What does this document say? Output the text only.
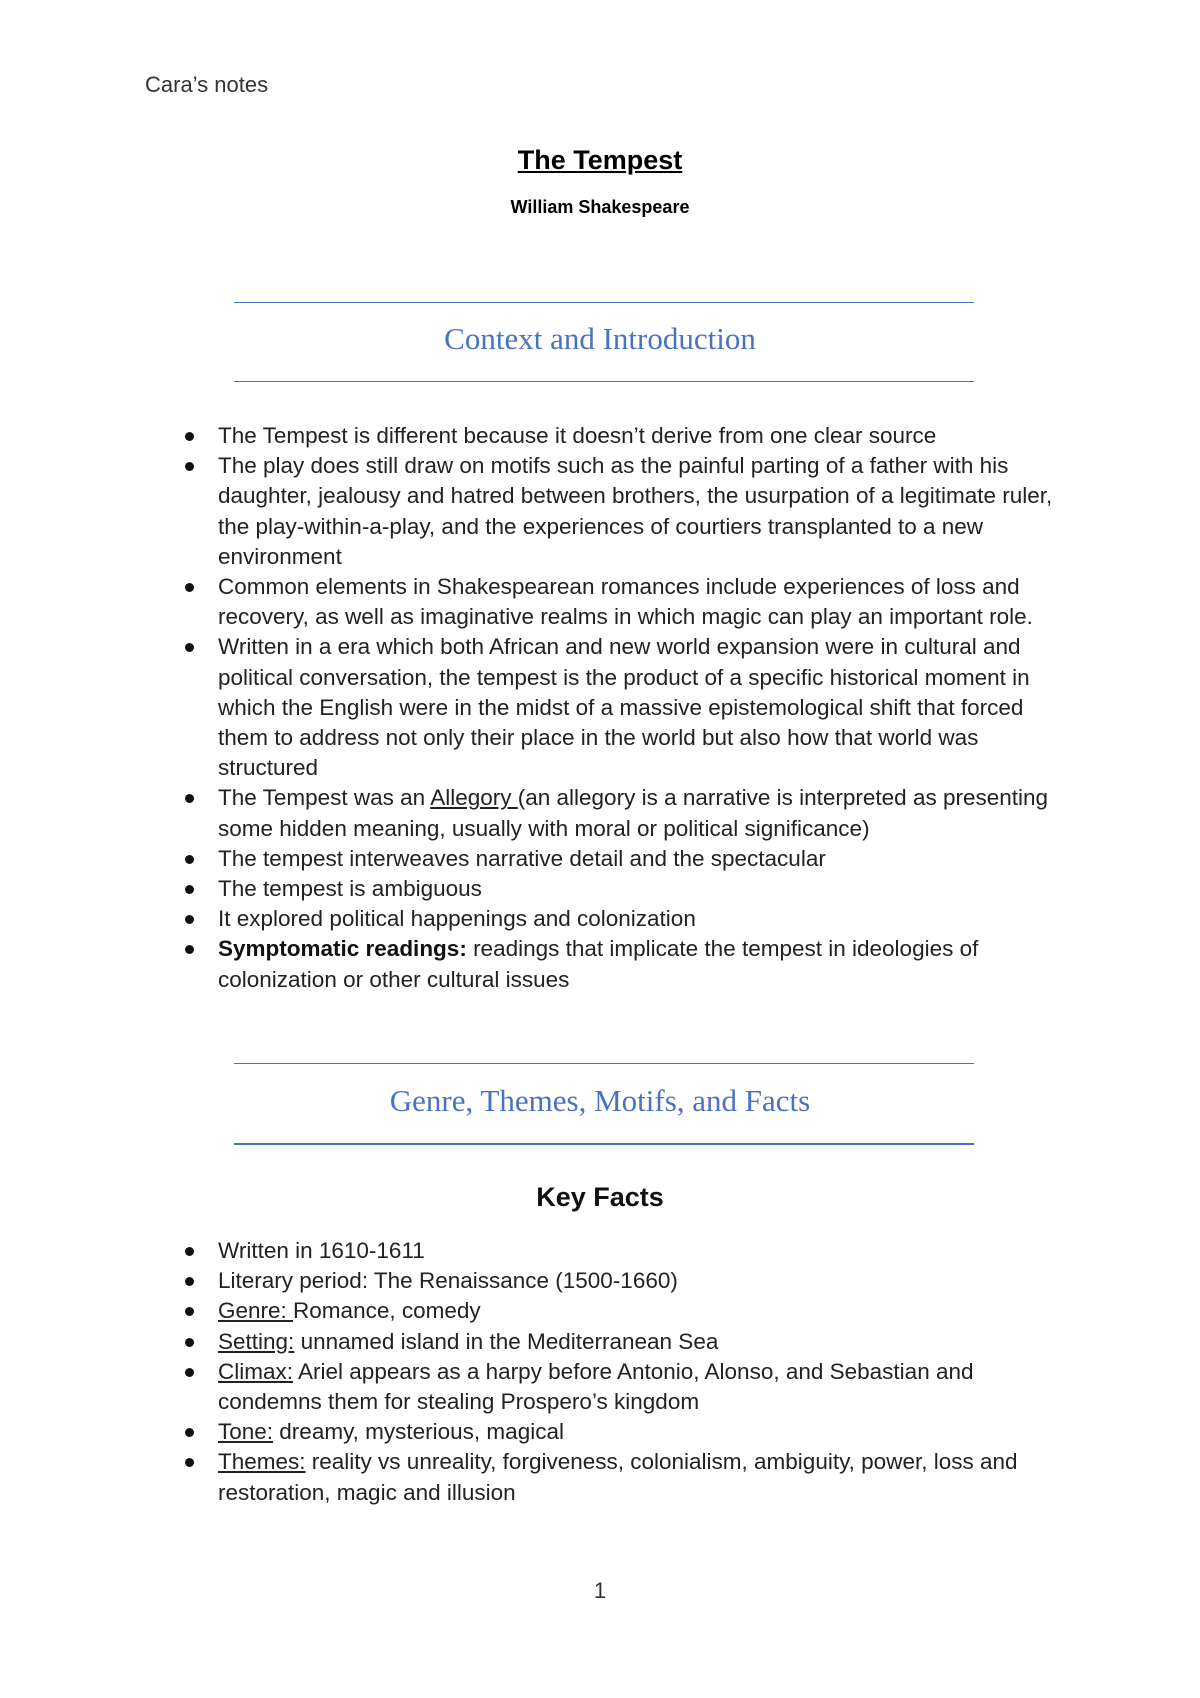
Cara’s notes
The Tempest
William Shakespeare
Context and Introduction
The Tempest is different because it doesn’t derive from one clear source
The play does still draw on motifs such as the painful parting of a father with his daughter, jealousy and hatred between brothers, the usurpation of a legitimate ruler, the play-within-a-play, and the experiences of courtiers transplanted to a new environment
Common elements in Shakespearean romances include experiences of loss and recovery, as well as imaginative realms in which magic can play an important role.
Written in a era which both African and new world expansion were in cultural and political conversation, the tempest is the product of a specific historical moment in which the English were in the midst of a massive epistemological shift that forced them to address not only their place in the world but also how that world was structured
The Tempest was an Allegory (an allegory is a narrative is interpreted as presenting some hidden meaning, usually with moral or political significance)
The tempest interweaves narrative detail and the spectacular
The tempest is ambiguous
It explored political happenings and colonization
Symptomatic readings: readings that implicate the tempest in ideologies of colonization or other cultural issues
Genre, Themes, Motifs, and Facts
Key Facts
Written in 1610-1611
Literary period: The Renaissance (1500-1660)
Genre: Romance, comedy
Setting: unnamed island in the Mediterranean Sea
Climax: Ariel appears as a harpy before Antonio, Alonso, and Sebastian and condemns them for stealing Prospero’s kingdom
Tone: dreamy, mysterious, magical
Themes: reality vs unreality, forgiveness, colonialism, ambiguity, power, loss and restoration, magic and illusion
1
